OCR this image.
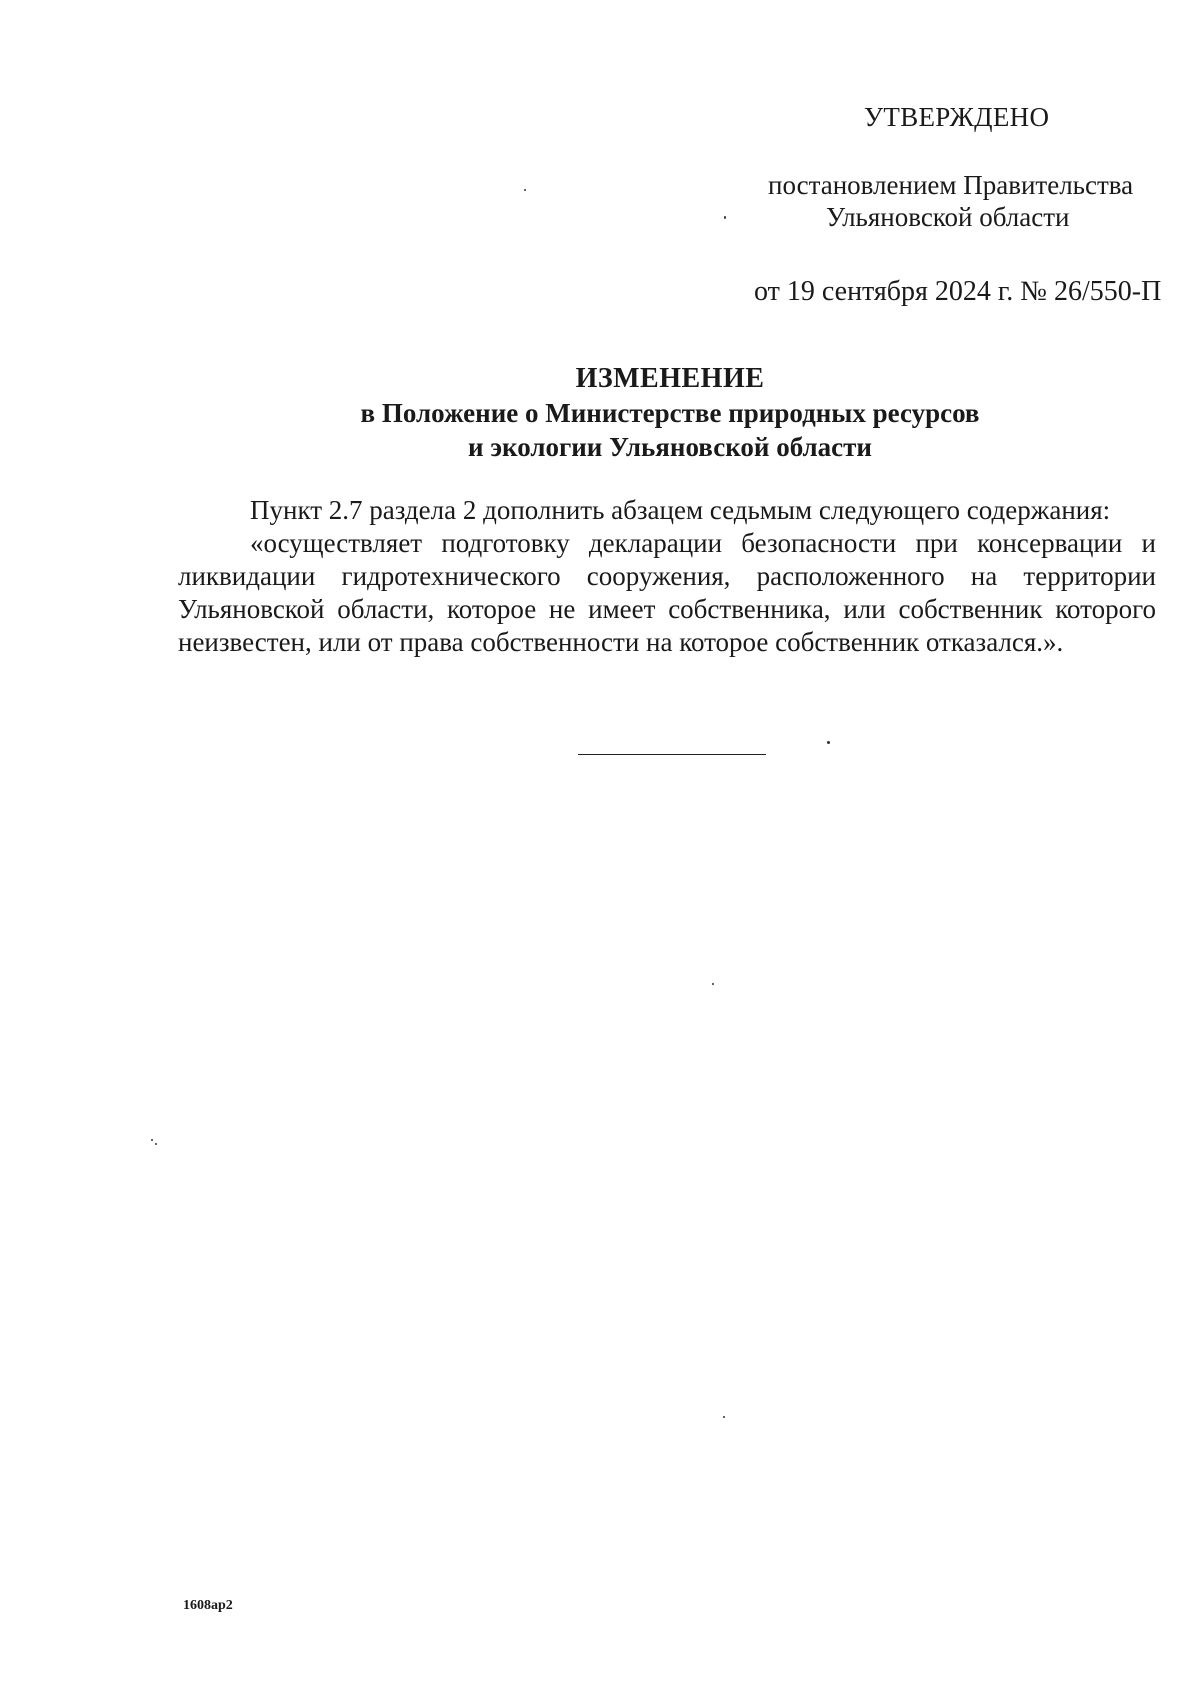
УТВЕРЖДЕНО
постановлением Правительства
Ульяновской области
от 19 сентября 2024 г. № 26/550-П
ИЗМЕНЕНИЕ
в Положение о Министерстве природных ресурсов
и экологии Ульяновской области

Пункт 2.7 раздела 2 дополнить абзацем седьмым следующего содержания:

«осуществляет подготовку декларации безопасности при консервации и ликвидации гидротехнического сооружения, расположенного на территории Ульяновской области, которое не имеет собственника, или собственник которого неизвестен, или от права собственности на которое собственник отказался.».

1608ар2
